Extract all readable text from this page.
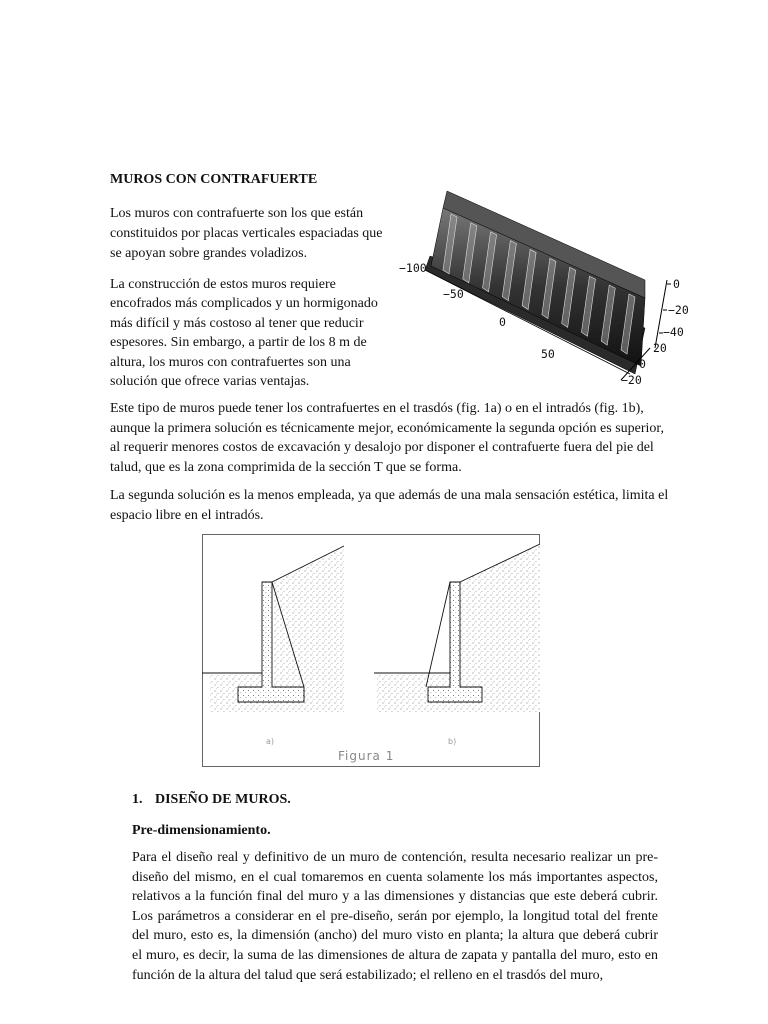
MUROS CON CONTRAFUERTE
Los muros con contrafuerte son los que están constituidos por placas verticales espaciadas que se apoyan sobre grandes voladizos.
La construcción de estos muros requiere encofrados más complicados y un hormigonado más difícil y más costoso al tener que reducir espesores. Sin embargo, a partir de los 8 m de altura, los muros con contrafuertes son una solución que ofrece varias ventajas.
0
−20
−40
20
0
−20
−100
−50
0
50
Este tipo de muros puede tener los contrafuertes en el trasdós (fig. 1a) o en el intradós (fig. 1b), aunque la primera solución es técnicamente mejor, económicamente la segunda opción es superior, al requerir menores costos de excavación y desalojo por disponer el contrafuerte fuera del pie del talud, que es la zona comprimida de la sección T que se forma.
La segunda solución es la menos empleada, ya que además de una mala sensación estética, limita el espacio libre en el intradós.
a)	b)
Figura 1
1. DISEÑO DE MUROS.
Pre-dimensionamiento.
Para el diseño real y definitivo de un muro de contención, resulta necesario realizar un pre-diseño del mismo, en el cual tomaremos en cuenta solamente los más importantes aspectos, relativos a la función final del muro y a las dimensiones y distancias que este deberá cubrir. Los parámetros a considerar en el pre-diseño, serán por ejemplo, la longitud total del frente del muro, esto es, la dimensión (ancho) del muro visto en planta; la altura que deberá cubrir el muro, es decir, la suma de las dimensiones de altura de zapata y pantalla del muro, esto en función de la altura del talud que será estabilizado; el relleno en el trasdós del muro,
